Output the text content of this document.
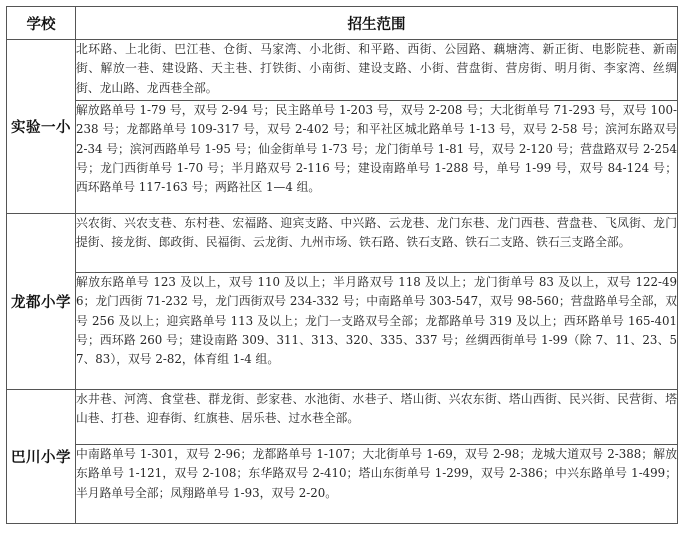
学校	招生范围
实验一小	北环路、上北街、巴江巷、仓街、马家湾、小北街、和平路、西街、公园路、藕塘湾、新正街、电影院巷、新南街、解放一巷、建设路、天主巷、打铁街、小南街、建设支路、小街、营盘街、营房街、明月街、李家湾、丝绸街、龙山路、龙西巷全部。
	解放路单号 1-79 号，双号 2-94 号；民主路单号 1-203 号，双号 2-208 号；大北街单号 71-293 号，双号 100-238 号；龙都路单号 109-317 号，双号 2-402 号；和平社区城北路单号 1-13 号，双号 2-58 号；滨河东路双号 2-34 号；滨河西路单号 1-95 号；仙金街单号 1-73 号；龙门街单号 1-81 号，双号 2-120 号；营盘路双号 2-254 号；龙门西街单号 1-70 号；半月路双号 2-116 号；建设南路单号 1-288 号，单号 1-99 号，双号 84-124 号；西环路单号 117-163 号；两路社区 1—4 组。
龙都小学	兴农街、兴农支巷、东村巷、宏福路、迎宾支路、中兴路、云龙巷、龙门东巷、龙门西巷、营盘巷、飞凤街、龙门提街、接龙街、郎政街、民福街、云龙街、九州市场、铁石路、铁石支路、铁石二支路、铁石三支路全部。
	解放东路单号 123 及以上，双号 110 及以上；半月路双号 118 及以上；龙门街单号 83 及以上，双号 122-496；龙门西街 71-232 号，龙门西街双号 234-332 号；中南路单号 303-547，双号 98-560；营盘路单号全部，双号 256 及以上；迎宾路单号 113 及以上；龙门一支路双号全部；龙都路单号 319 及以上；西环路单号 165-401 号；西环路 260 号；建设南路 309、311、313、320、335、337 号；丝绸西街单号 1-99（除 7、11、23、57、83），双号 2-82，体育组 1-4 组。
巴川小学	水井巷、河湾、食堂巷、群龙街、彭家巷、水池街、水巷子、塔山街、兴农东街、塔山西街、民兴街、民营街、塔山巷、打巷、迎春街、红旗巷、居乐巷、过水巷全部。
	中南路单号 1-301，双号 2-96；龙都路单号 1-107；大北街单号 1-69，双号 2-98；龙城大道双号 2-388；解放东路单号 1-121，双号 2-108；东华路双号 2-410；塔山东街单号 1-299，双号 2-386；中兴东路单号 1-499；半月路单号全部；凤翔路单号 1-93，双号 2-20。
